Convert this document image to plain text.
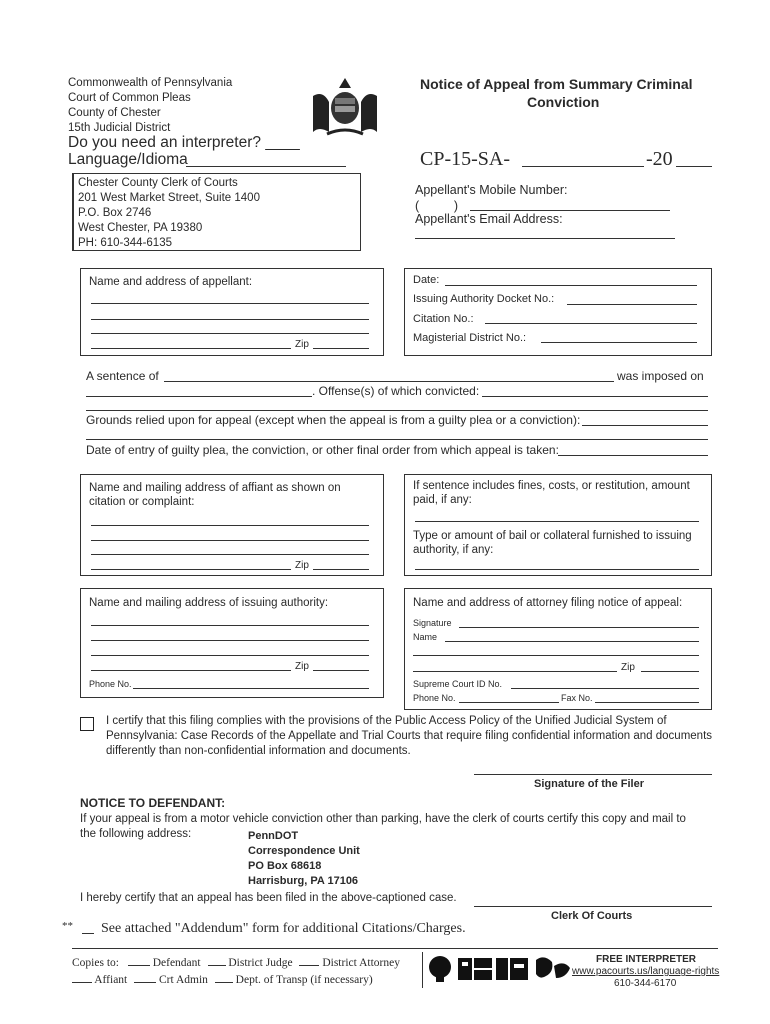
Commonwealth of Pennsylvania
Court of Common Pleas
County of Chester
15th Judicial District
Do you need an interpreter? ____
Language/Idioma
Notice of Appeal from Summary Criminal
Conviction
CP-15-SA-	-20
Chester County Clerk of Courts
201 West Market Street, Suite 1400
P.O. Box 2746
West Chester, PA 19380
PH: 610-344-6135
Appellant's Mobile Number:
(          )
Appellant's Email Address:
Name and address of appellant:
Zip
Date:
Issuing Authority Docket No.:
Citation No.:
Magisterial District No.:
A sentence of	was imposed on
. Offense(s) of which convicted:
Grounds relied upon for appeal (except when the appeal is from a guilty plea or a conviction):
Date of entry of guilty plea, the conviction, or other final order from which appeal is taken:
Name and mailing address of affiant as shown on citation or complaint:
Zip
If sentence includes fines, costs, or restitution, amount paid, if any:
Type or amount of bail or collateral furnished to issuing authority, if any:
Name and mailing address of issuing authority:
Zip
Phone No.
Name and address of attorney filing notice of appeal:
Signature
Name
Zip
Supreme Court ID No.
Phone No.	Fax No.
I certify that this filing complies with the provisions of the Public Access Policy of the Unified Judicial System of Pennsylvania: Case Records of the Appellate and Trial Courts that require filing confidential information and documents differently than non-confidential information and documents.
Signature of the Filer
NOTICE TO DEFENDANT:
If your appeal is from a motor vehicle conviction other than parking, have the clerk of courts certify this copy and mail to
the following address:	PennDOT
Correspondence Unit
PO Box 68618
Harrisburg, PA 17106
I hereby certify that an appeal has been filed in the above-captioned case.
Clerk Of Courts
** See attached "Addendum" form for additional Citations/Charges.
Copies to:	Defendant District Judge	District Attorney
Affiant	Crt Admin Dept. of Transp (if necessary)
FREE INTERPRETER
www.pacourts.us/language-rights
610-344-6170
